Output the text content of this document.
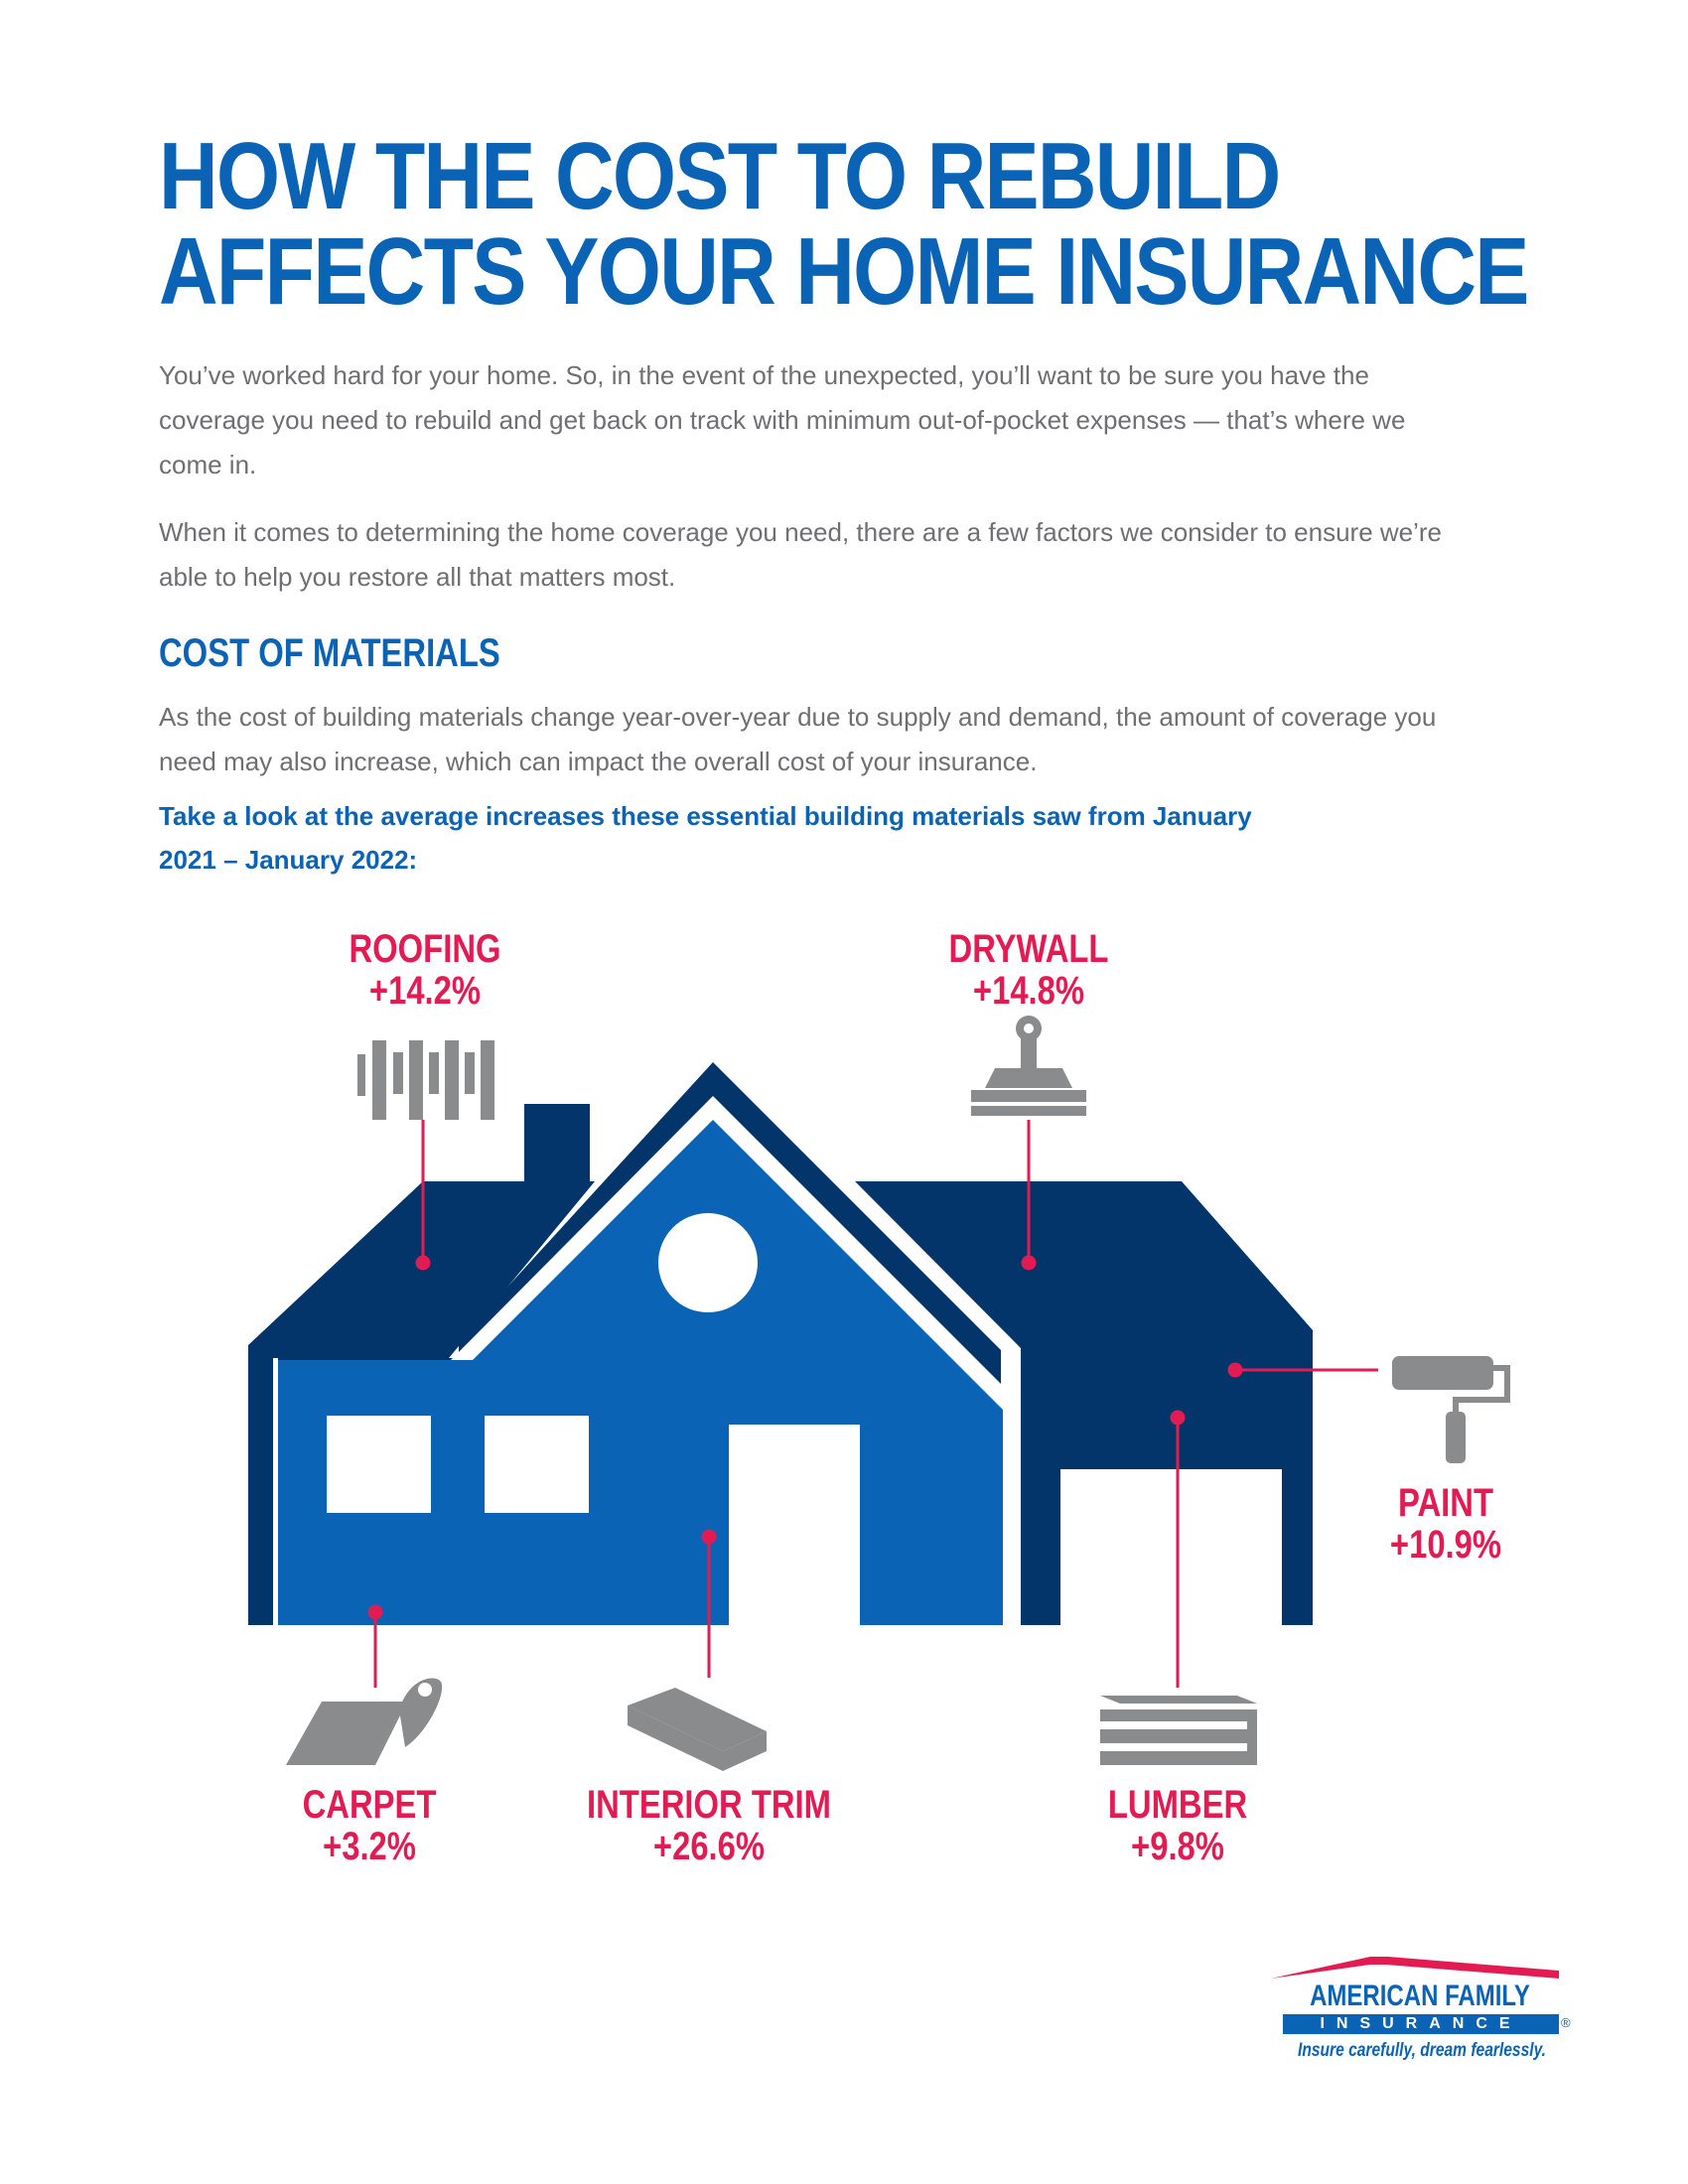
HOW THE COST TO REBUILD
AFFECTS YOUR HOME INSURANCE

You’ve worked hard for your home. So, in the event of the unexpected, you’ll want to be sure you have the coverage you need to rebuild and get back on track with minimum out-of-pocket expenses — that’s where we come in.

When it comes to determining the home coverage you need, there are a few factors we consider to ensure we’re able to help you restore all that matters most.

COST OF MATERIALS

As the cost of building materials change year-over-year due to supply and demand, the amount of coverage you need may also increase, which can impact the overall cost of your insurance.

Take a look at the average increases these essential building materials saw from January 2021 – January 2022:

ROOFING
+14.2%
DRYWALL
+14.8%
PAINT
+10.9%
CARPET
+3.2%
INTERIOR TRIM
+26.6%
LUMBER
+9.8%
AMERICAN FAMILY
INSURANCE	®
Insure carefully, dream fearlessly.
